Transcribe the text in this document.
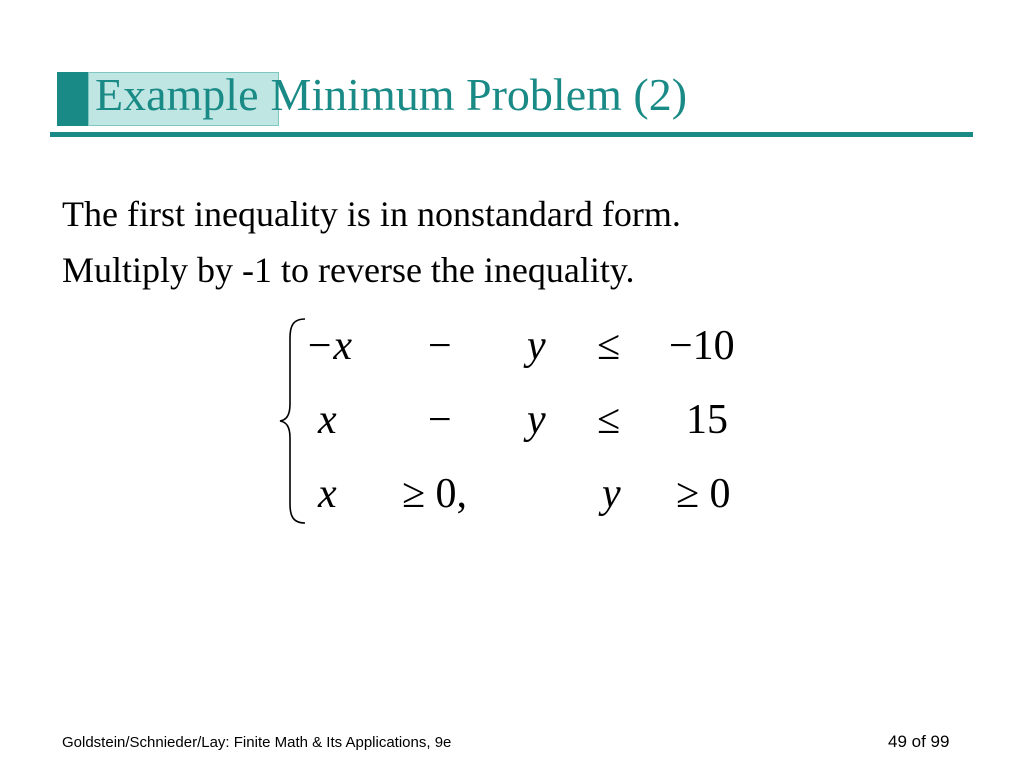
Example Minimum Problem (2)
The first inequality is in nonstandard form.
Multiply by -1 to reverse the inequality.
−x − y ≤ −10
x − y ≤ 15
x ≥ 0,	y ≥ 0
Goldstein/Schnieder/Lay: Finite Math & Its Applications, 9e	49 of 99
